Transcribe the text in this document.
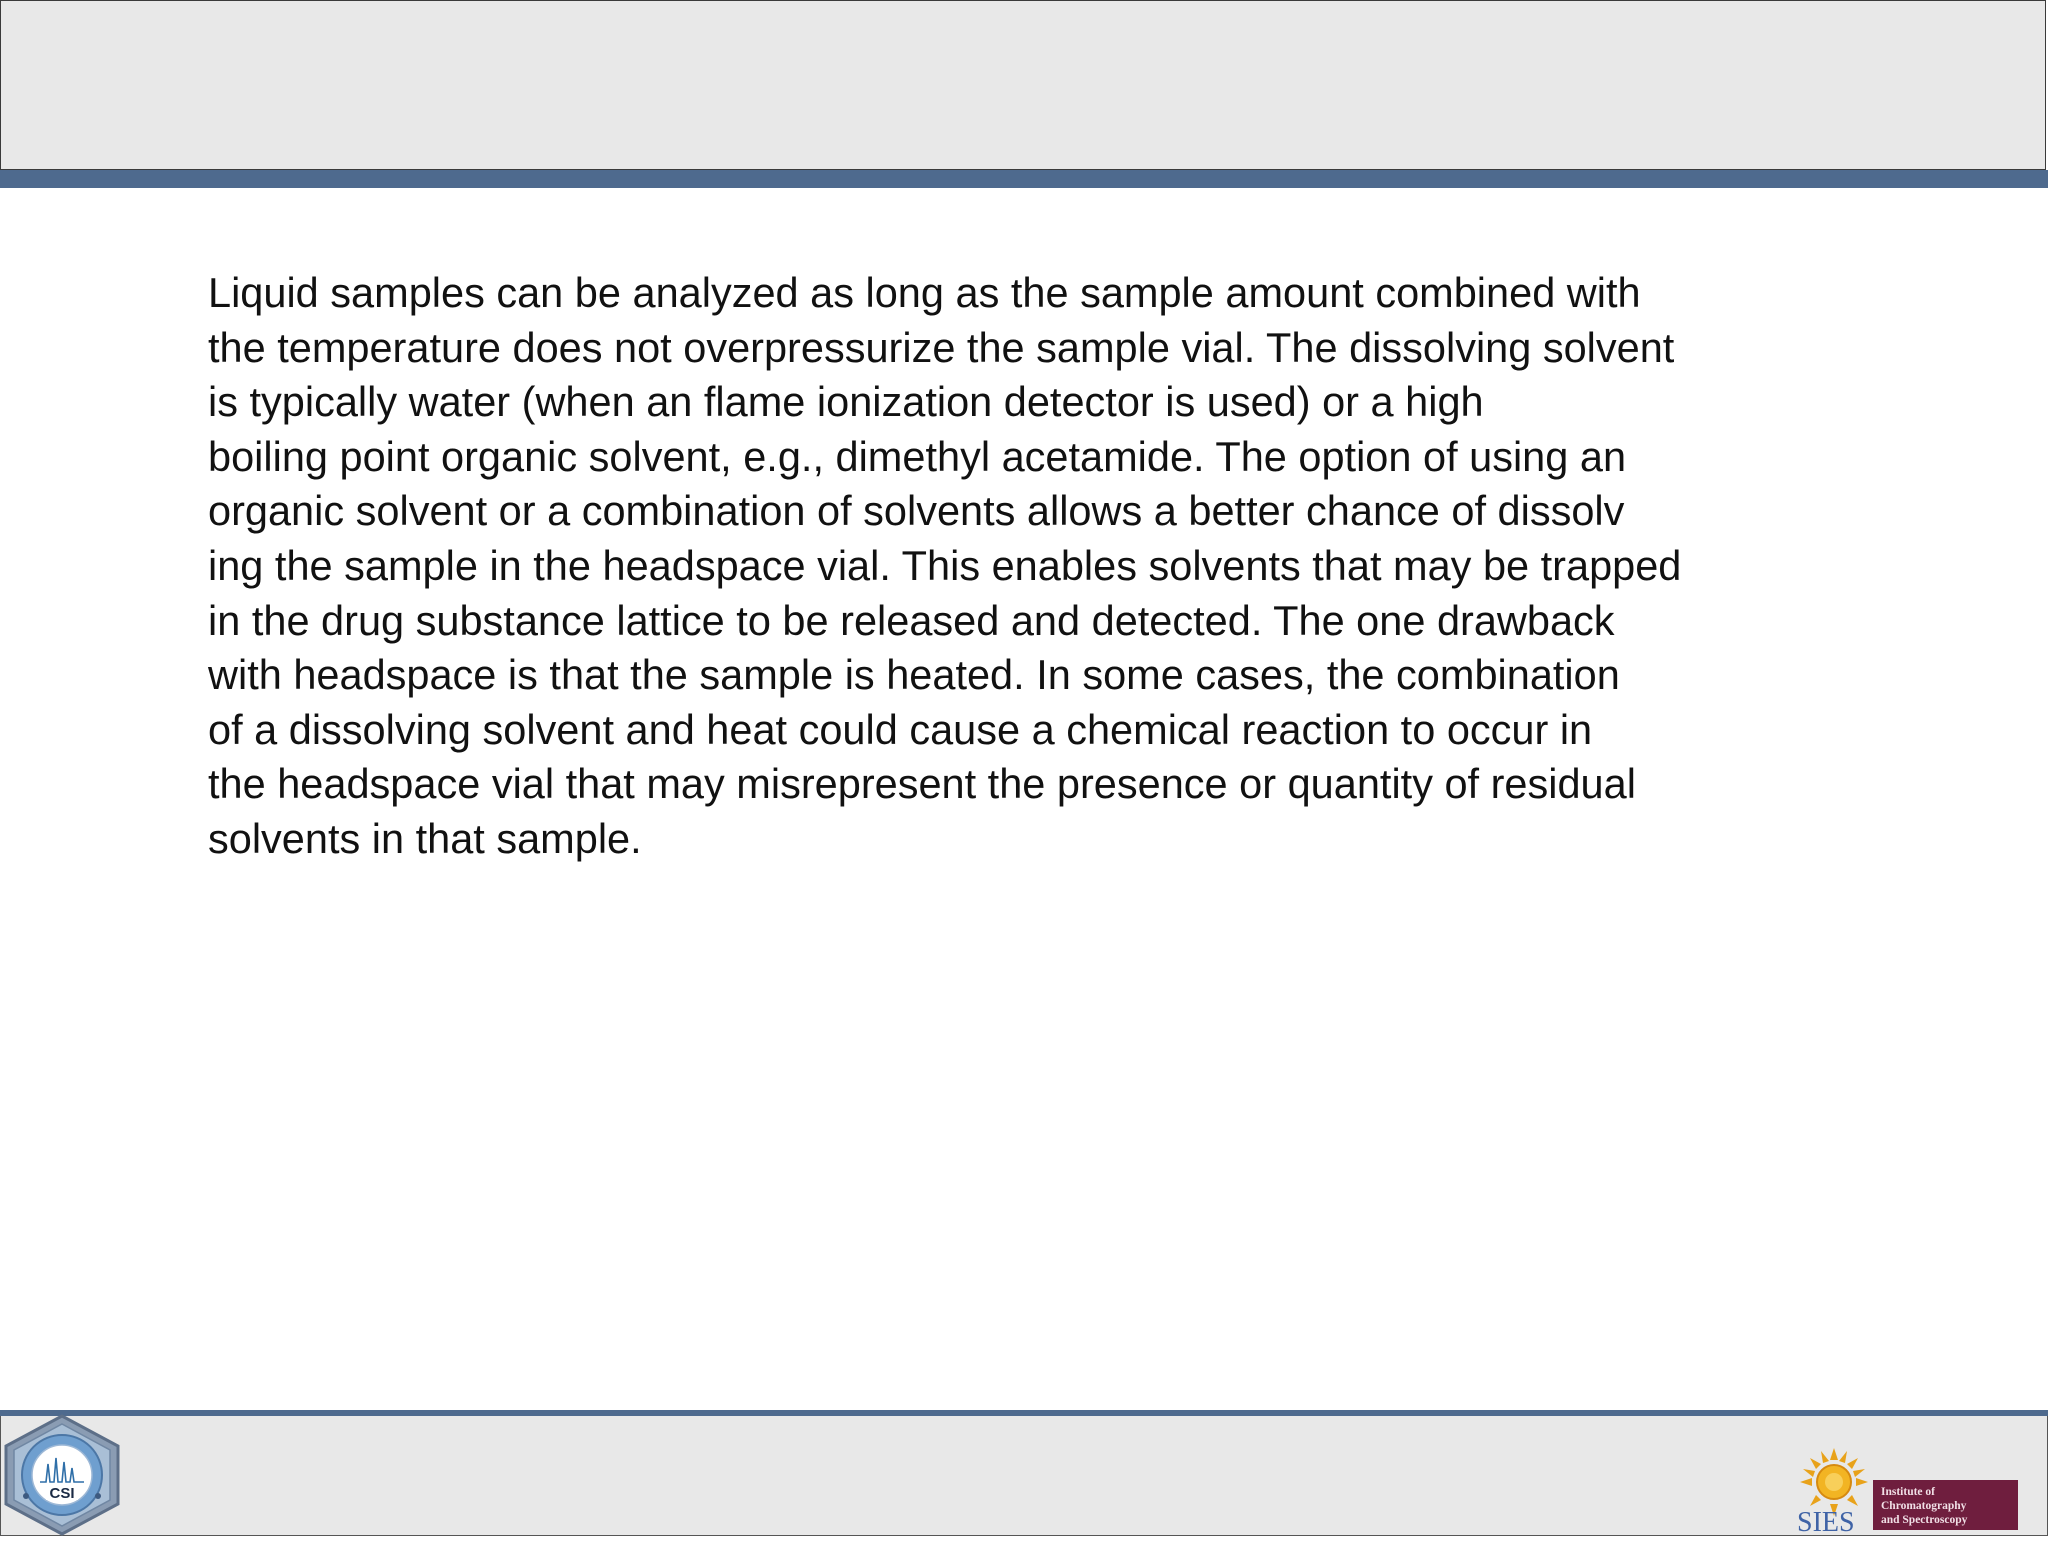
Liquid samples can be analyzed as long as the sample amount combined with
the temperature does not overpressurize the sample vial. The dissolving solvent
is typically water (when an flame ionization detector is used) or a high
boiling point organic solvent, e.g., dimethyl acetamide. The option of using an
organic solvent or a combination of solvents allows a better chance of dissolv
ing the sample in the headspace vial. This enables solvents that may be trapped
in the drug substance lattice to be released and detected. The one drawback
with headspace is that the sample is heated. In some cases, the combination
of a dissolving solvent and heat could cause a chemical reaction to occur in
the headspace vial that may misrepresent the presence or quantity of residual
solvents in that sample.
CSI
SIES
Institute of
Chromatography
and Spectroscopy
